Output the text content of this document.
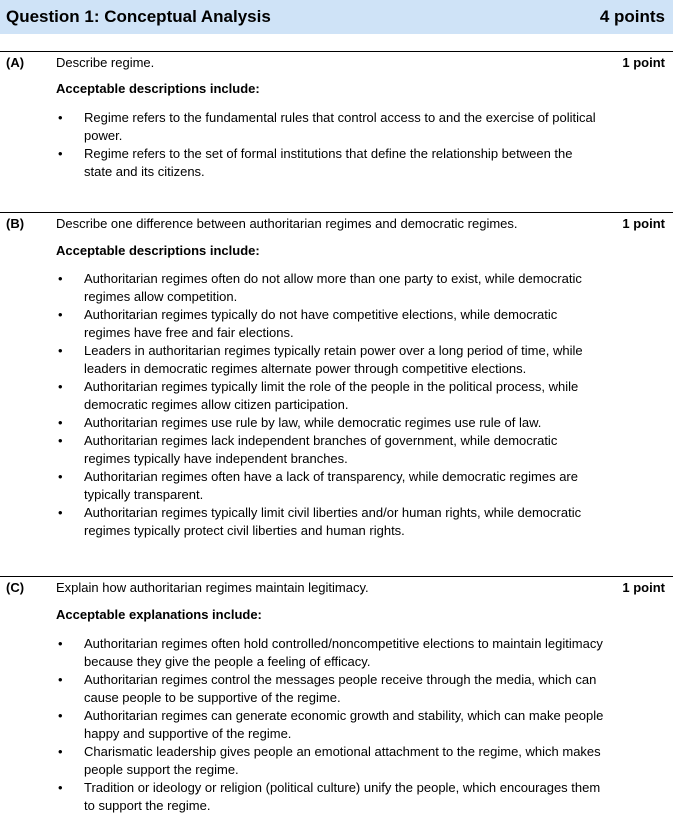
Question 1: Conceptual Analysis	4 points
(A) Describe regime.	1 point
Acceptable descriptions include:
• Regime refers to the fundamental rules that control access to and the exercise of political power.
• Regime refers to the set of formal institutions that define the relationship between the state and its citizens.
(B) Describe one difference between authoritarian regimes and democratic regimes.	1 point
Acceptable descriptions include:
• Authoritarian regimes often do not allow more than one party to exist, while democratic regimes allow competition.
• Authoritarian regimes typically do not have competitive elections, while democratic regimes have free and fair elections.
• Leaders in authoritarian regimes typically retain power over a long period of time, while leaders in democratic regimes alternate power through competitive elections.
• Authoritarian regimes typically limit the role of the people in the political process, while democratic regimes allow citizen participation.
• Authoritarian regimes use rule by law, while democratic regimes use rule of law.
• Authoritarian regimes lack independent branches of government, while democratic regimes typically have independent branches.
• Authoritarian regimes often have a lack of transparency, while democratic regimes are typically transparent.
• Authoritarian regimes typically limit civil liberties and/or human rights, while democratic regimes typically protect civil liberties and human rights.
(C) Explain how authoritarian regimes maintain legitimacy.	1 point
Acceptable explanations include:
• Authoritarian regimes often hold controlled/noncompetitive elections to maintain legitimacy because they give the people a feeling of efficacy.
• Authoritarian regimes control the messages people receive through the media, which can cause people to be supportive of the regime.
• Authoritarian regimes can generate economic growth and stability, which can make people happy and supportive of the regime.
• Charismatic leadership gives people an emotional attachment to the regime, which makes people support the regime.
• Tradition or ideology or religion (political culture) unify the people, which encourages them to support the regime.
